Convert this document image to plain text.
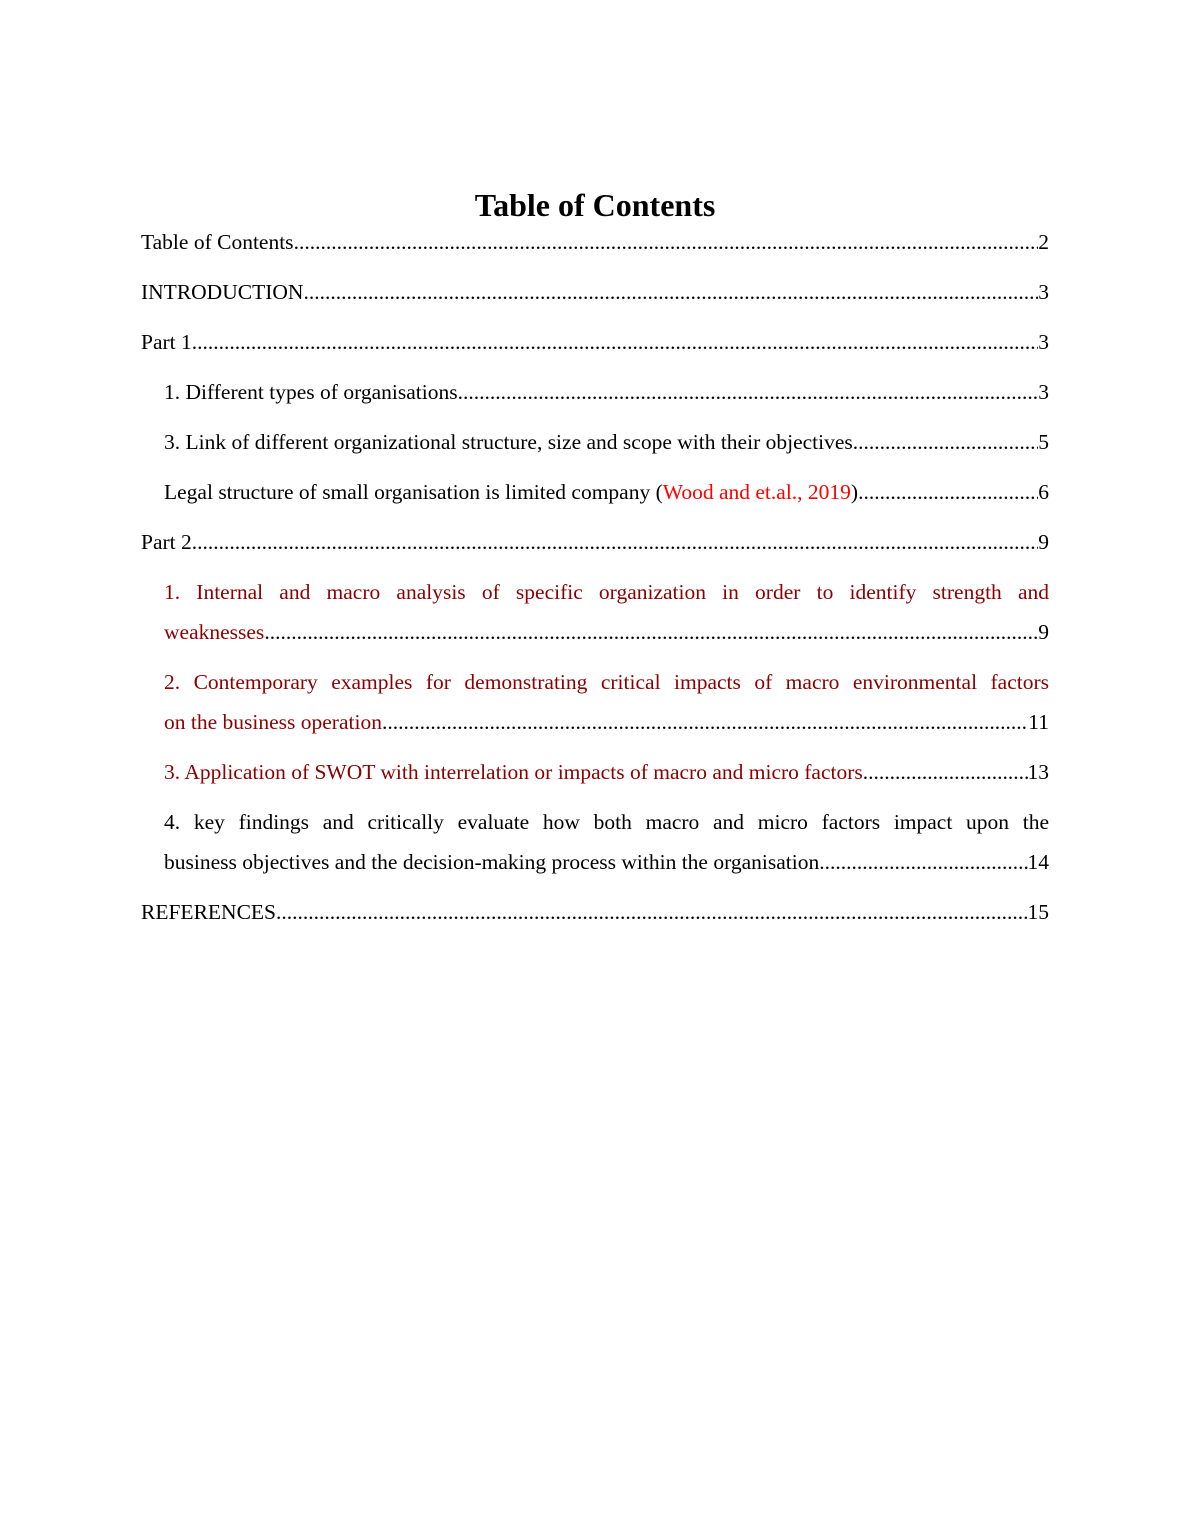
Table of Contents
Table of Contents .....	2
INTRODUCTION .....	3
Part 1 .....	3
1. Different types of organisations .....	3
3. Link of different organizational structure, size and scope with their objectives .....	5
Legal structure of small organisation is limited company (Wood and et.al., 2019) .....	6
Part 2 .....	9
1. Internal and macro analysis of specific organization in order to identify strength and
weaknesses .....	9
2. Contemporary examples for demonstrating critical impacts of macro environmental factors
on the business operation .....	11
3. Application of SWOT with interrelation or impacts of macro and micro factors .....	13
4. key findings and critically evaluate how both macro and micro factors impact upon the
business objectives and the decision-making process within the organisation .....	14
REFERENCES .....	15
